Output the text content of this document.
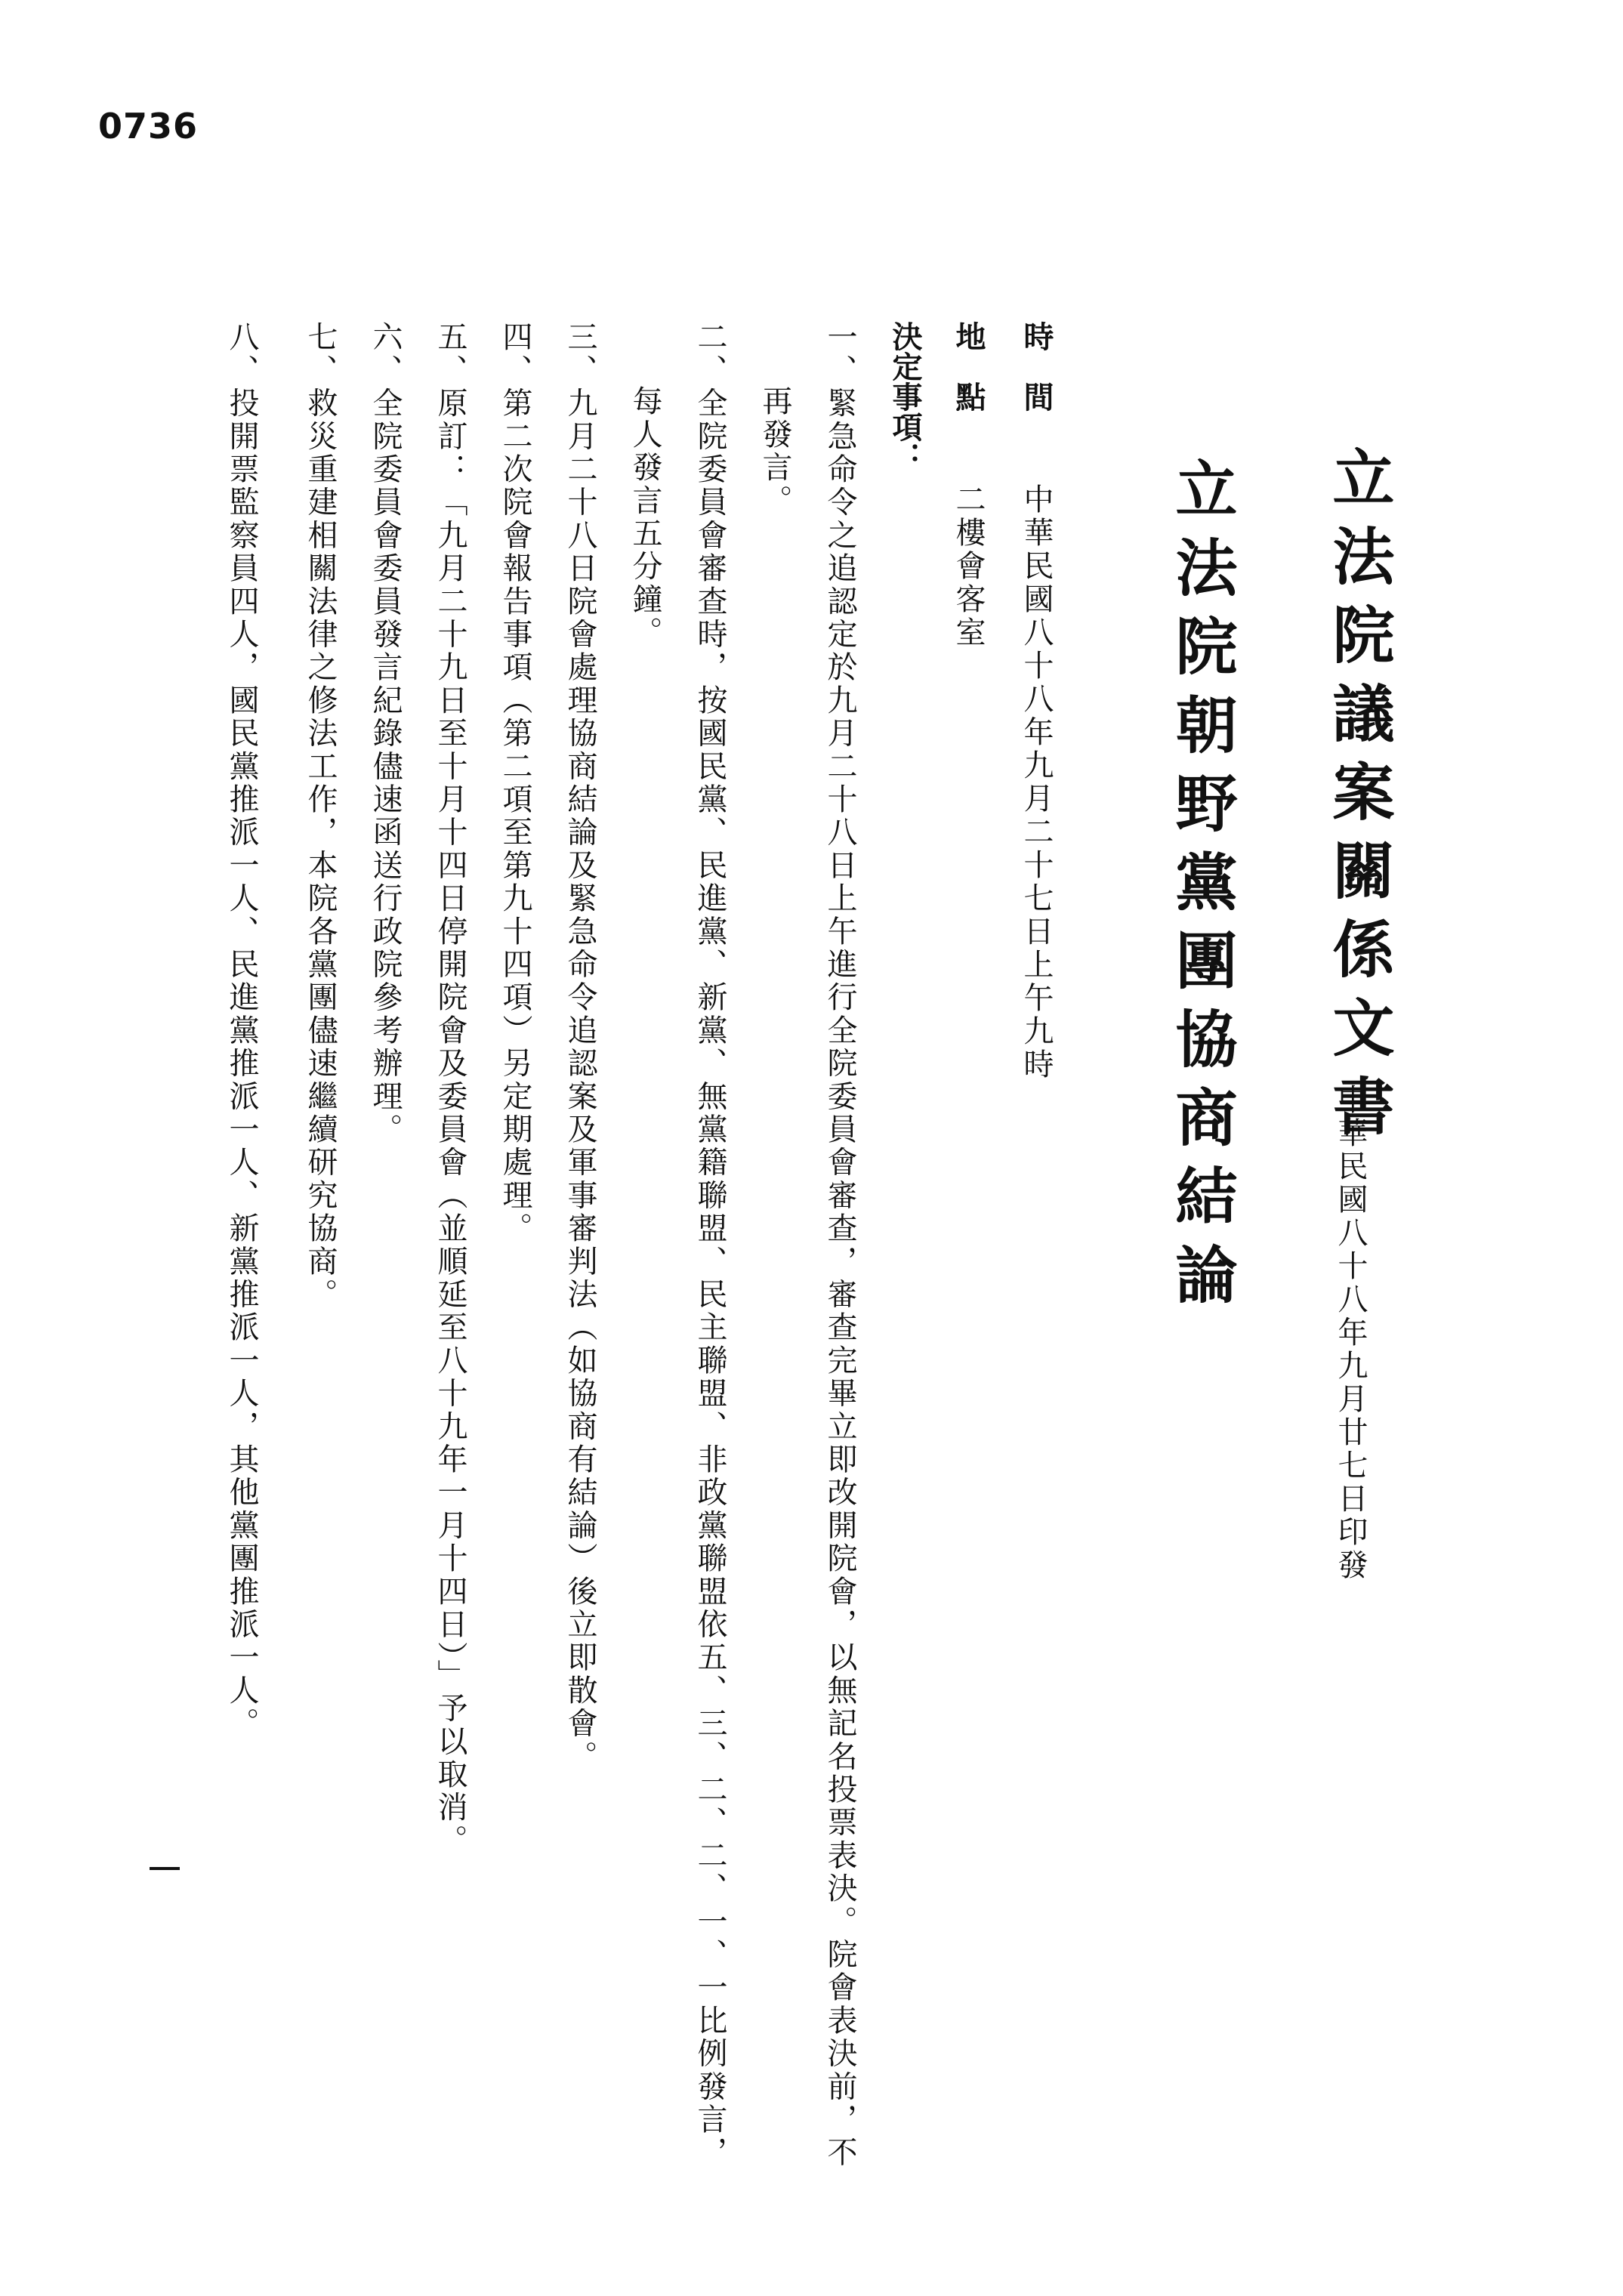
0736
立法院議案關係文書
中華民國八十八年九月廿七日印發
立法院朝野黨團協商結論
時　間
中華民國八十八年九月二十七日上午九時
地　點
二樓會客室
決定事項：
一、緊急命令之追認定於九月二十八日上午進行全院委員會審查，審查完畢立即改開院會，以無記名投票表決。院會表決前，不
再發言。
二、全院委員會審查時，按國民黨、民進黨、新黨、無黨籍聯盟、民主聯盟、非政黨聯盟依五、三、二、二、一、一比例發言，
每人發言五分鐘。
三、九月二十八日院會處理協商結論及緊急命令追認案及軍事審判法（如協商有結論）後立即散會。
四、第二次院會報告事項（第二項至第九十四項）另定期處理。
五、原訂：「九月二十九日至十月十四日停開院會及委員會（並順延至八十九年一月十四日）」予以取消。
六、全院委員會委員發言紀錄儘速函送行政院參考辦理。
七、救災重建相關法律之修法工作，本院各黨團儘速繼續研究協商。
八、投開票監察員四人，國民黨推派一人、民進黨推派一人、新黨推派一人，其他黨團推派一人。
